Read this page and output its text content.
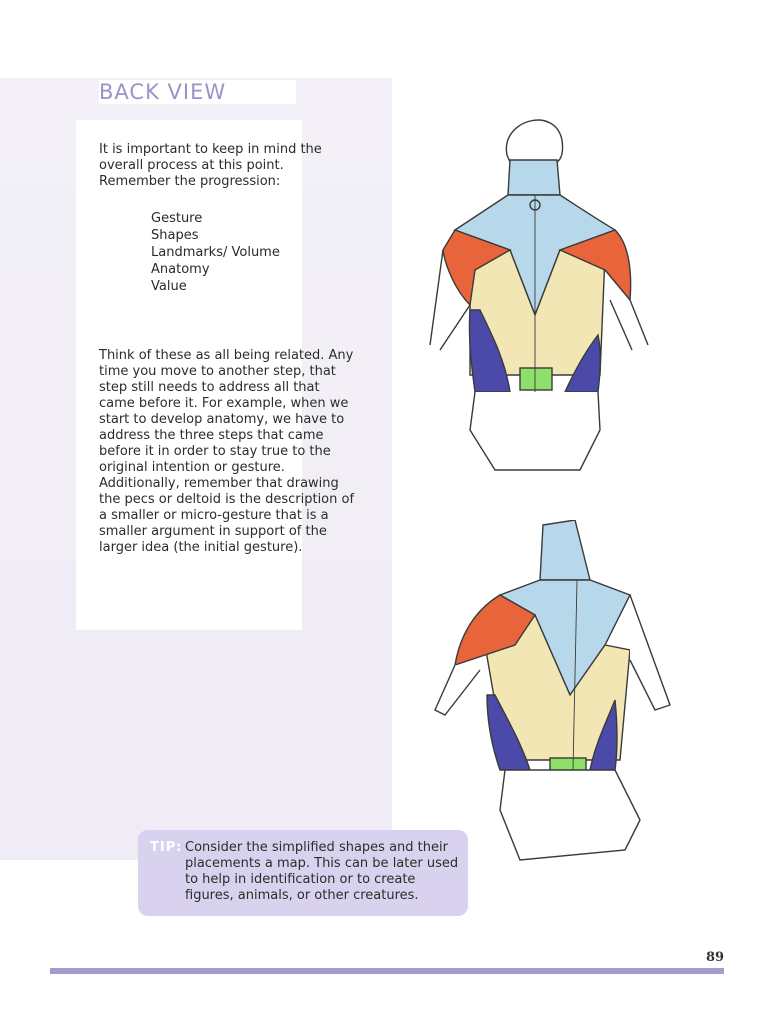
BACK VIEW
It is important to keep in mind the overall process at this point. Remember the progression:
Gesture
Shapes
Landmarks/ Volume
Anatomy
Value
Think of these as all being related. Any time you move to another step, that step still needs to address all that came before it. For example, when we start to develop anatomy, we have to address the three steps that came before it in order to stay true to the original intention or gesture. Additionally, remember that drawing the pecs or deltoid is the description of a smaller or micro-gesture that is a smaller argument in support of the larger idea (the initial gesture).
TIP: Consider the simplified shapes and their placements a map. This can be later used to help in identification or to create figures, animals, or other creatures.
89
